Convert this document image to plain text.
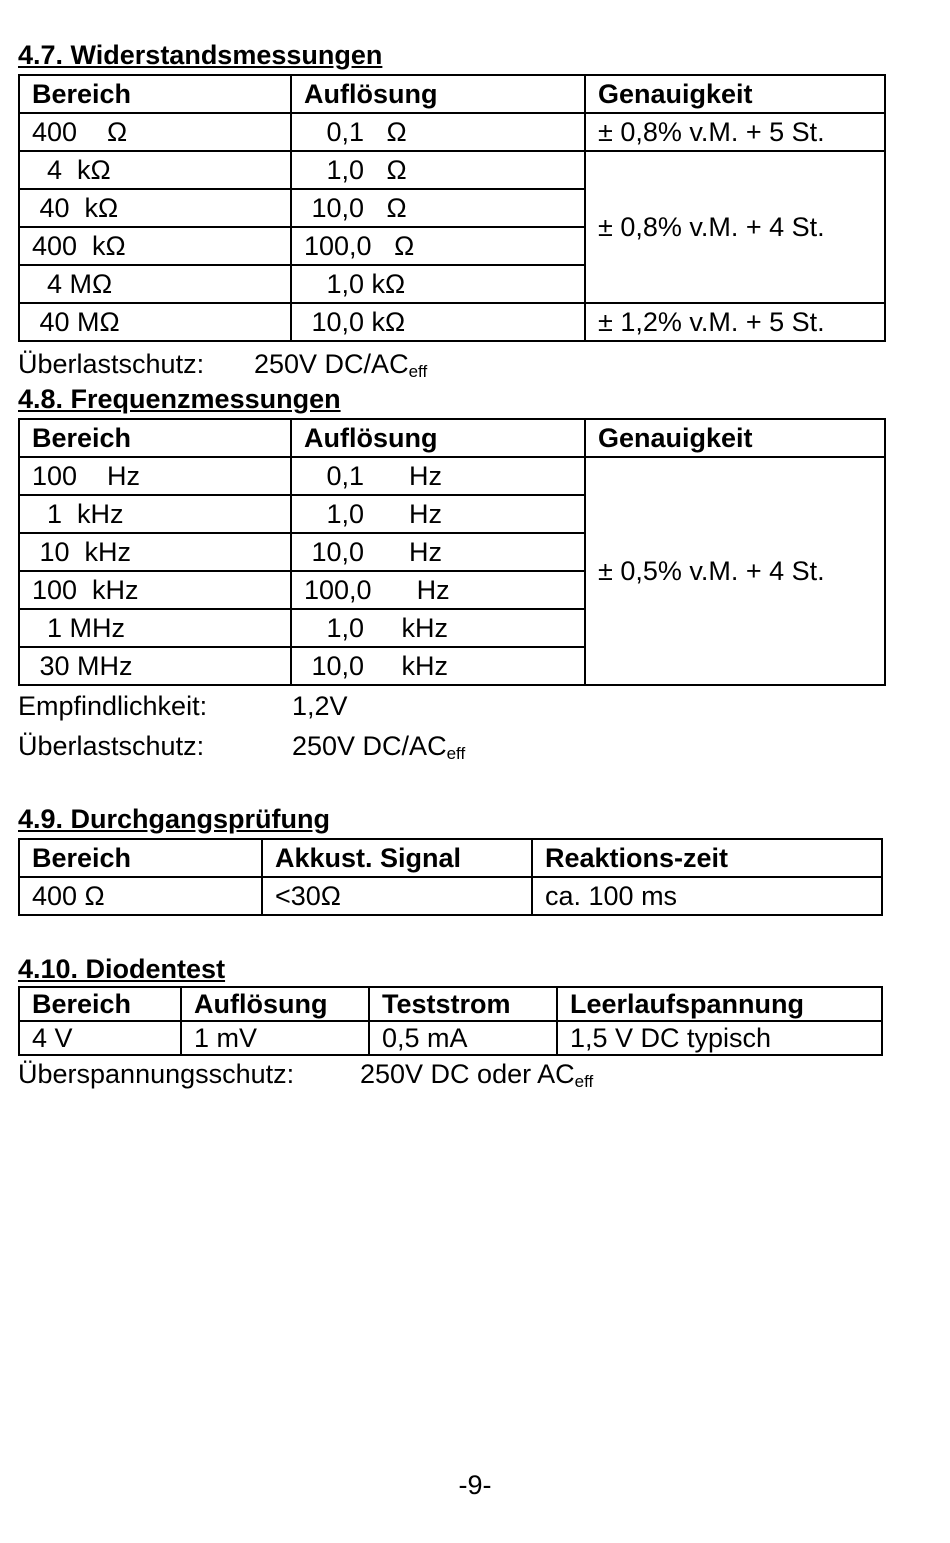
4.7. Widerstandsmessungen
Bereich	Auflösung	Genauigkeit
400    Ω	0,1   Ω	± 0,8% v.M. + 5 St.
4  kΩ	1,0   Ω	± 0,8% v.M. + 4 St.
40  kΩ	10,0   Ω	
400  kΩ	100,0   Ω	
4 MΩ	1,0 kΩ	
40 MΩ	10,0 kΩ	± 1,2% v.M. + 5 St.
Überlastschutz: 250V $DC/AC_{eff}$
4.8. Frequenzmessungen
Bereich	Auflösung	Genauigkeit
100    Hz	0,1      Hz	± 0,5% v.M. + 4 St.
1  kHz	1,0      Hz	
10  kHz	10,0      Hz	
100  kHz	100,0      Hz	
1 MHz	1,0     kHz	
30 MHz	10,0     kHz	
Empfindlichkeit:	1,2V
Überlastschutz:	250V $DC/AC_{eff}$
4.9. Durchgangsprüfung
Bereich	Akkust. Signal	Reaktions-zeit
400 Ω	<30Ω	ca. 100 ms
4.10. Diodentest
Bereich	Auflösung	Teststrom	Leerlaufspannung
4 V	1 mV	0,5 mA	1,5 V DC typisch
Überspannungsschutz: 250V DC oder $AC_{eff}$
-9-
